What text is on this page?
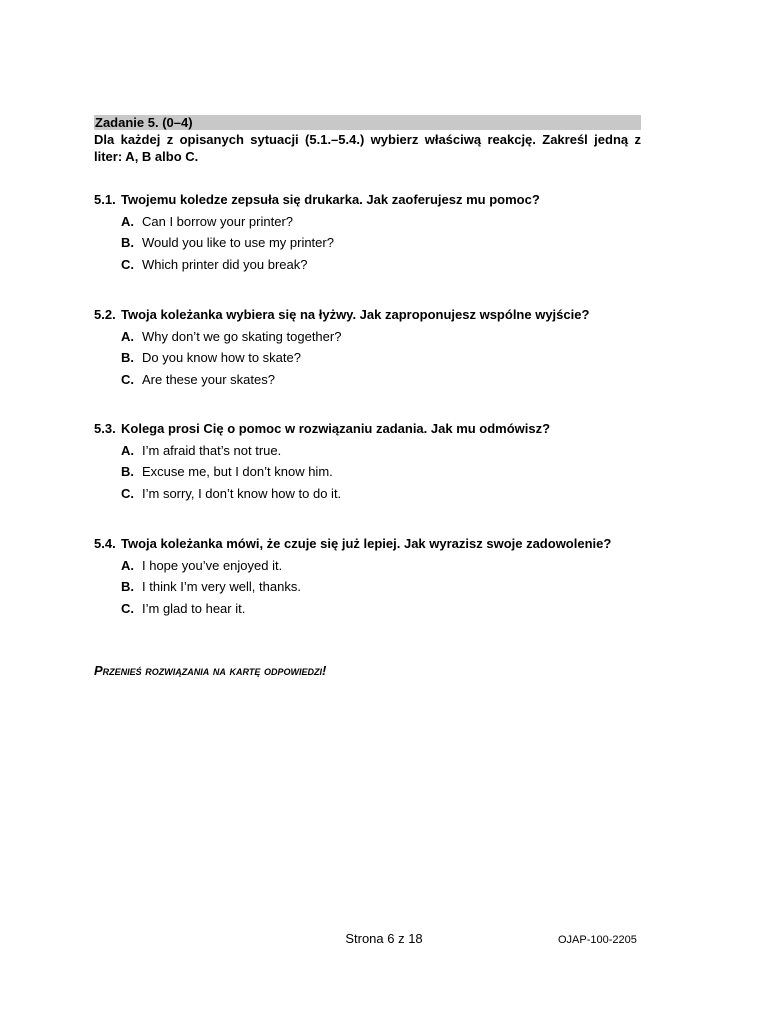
Zadanie 5. (0–4)
Dla każdej z opisanych sytuacji (5.1.–5.4.) wybierz właściwą reakcję. Zakreśl jedną z liter: A, B albo C.
5.1. Twojemu koledze zepsuła się drukarka. Jak zaoferujesz mu pomoc?
A. Can I borrow your printer?
B. Would you like to use my printer?
C. Which printer did you break?
5.2. Twoja koleżanka wybiera się na łyżwy. Jak zaproponujesz wspólne wyjście?
A. Why don’t we go skating together?
B. Do you know how to skate?
C. Are these your skates?
5.3. Kolega prosi Cię o pomoc w rozwiązaniu zadania. Jak mu odmówisz?
A. I’m afraid that’s not true.
B. Excuse me, but I don’t know him.
C. I’m sorry, I don’t know how to do it.
5.4. Twoja koleżanka mówi, że czuje się już lepiej. Jak wyrazisz swoje zadowolenie?
A. I hope you’ve enjoyed it.
B. I think I’m very well, thanks.
C. I’m glad to hear it.
Przenieś rozwiązania na kartę odpowiedzi!
Strona 6 z 18	OJAP-100-2205
